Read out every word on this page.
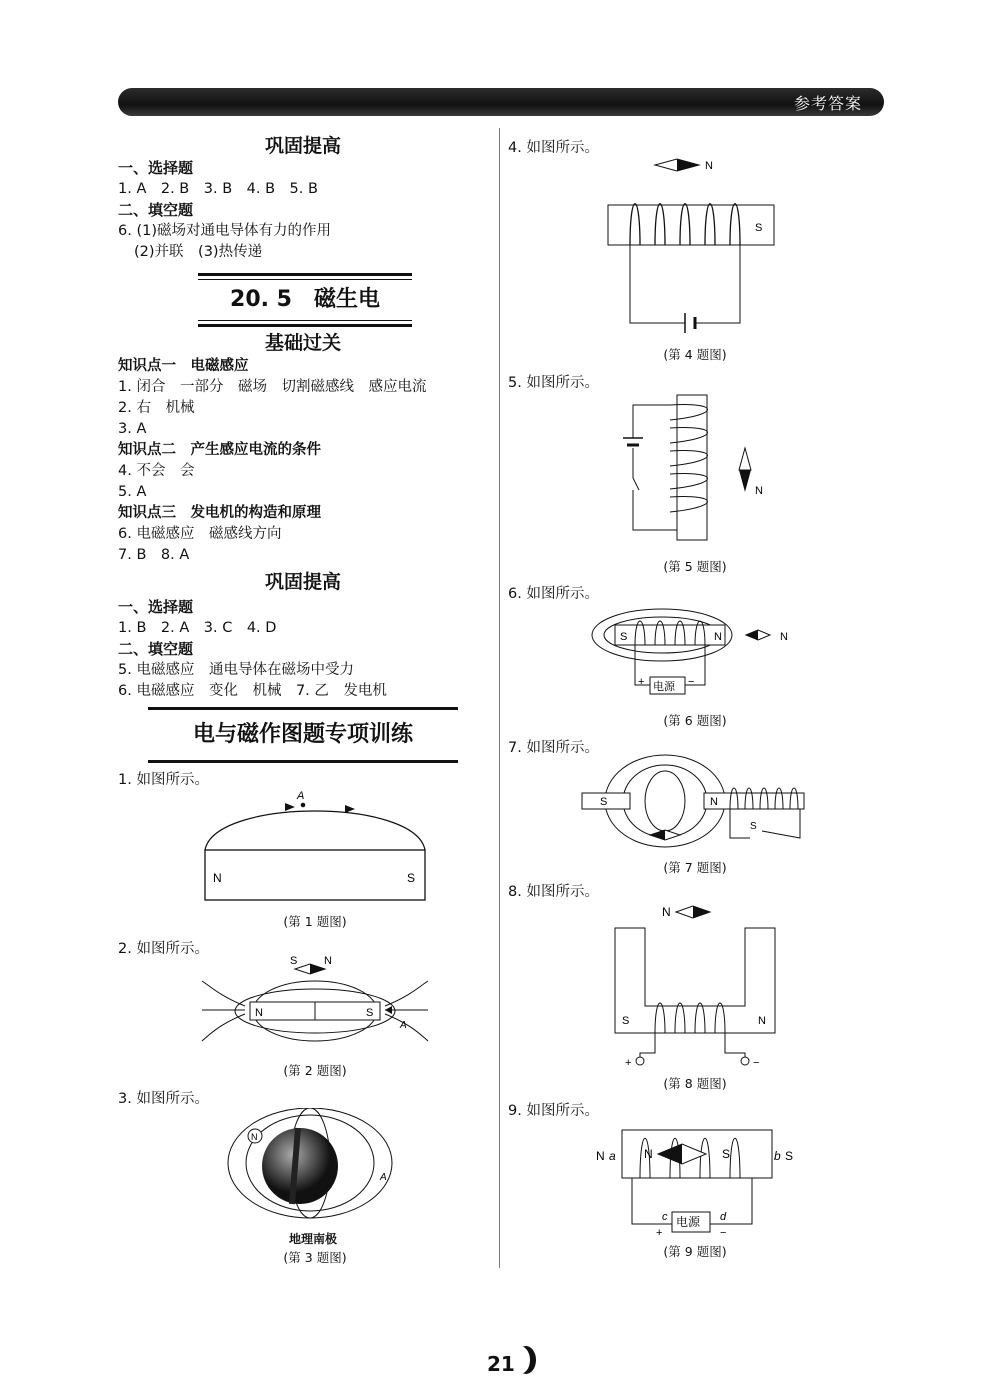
参考答案
巩固提高
一、选择题
1. A　2. B　3. B　4. B　5. B
二、填空题
6. (1)磁场对通电导体有力的作用
(2)并联　(3)热传递
20. 5　磁生电
基础过关
知识点一　电磁感应
1. 闭合　一部分　磁场　切割磁感线　感应电流
2. 右　机械
3. A
知识点二　产生感应电流的条件
4. 不会　会
5. A
知识点三　发电机的构造和原理
6. 电磁感应　磁感线方向
7. B　8. A
巩固提高
一、选择题
1. B　2. A　3. C　4. D
二、填空题
5. 电磁感应　通电导体在磁场中受力
6. 电磁感应　变化　机械　7. 乙　发电机
电与磁作图题专项训练
1. 如图所示。
A
N	S
(第 1 题图)
2. 如图所示。
S N
N	S
A
(第 2 题图)
3. 如图所示。
N
A
地理南极
(第 3 题图)
4. 如图所示。
N
S
(第 4 题图)
5. 如图所示。
N
(第 5 题图)
6. 如图所示。
S	N	N
电源
+	−
(第 6 题图)
7. 如图所示。
S	N
S
(第 7 题图)
8. 如图所示。
N
S	N
+	−
(第 8 题图)
9. 如图所示。
N a N	S	b S
电源
c	d
+	−
(第 9 题图)
21
